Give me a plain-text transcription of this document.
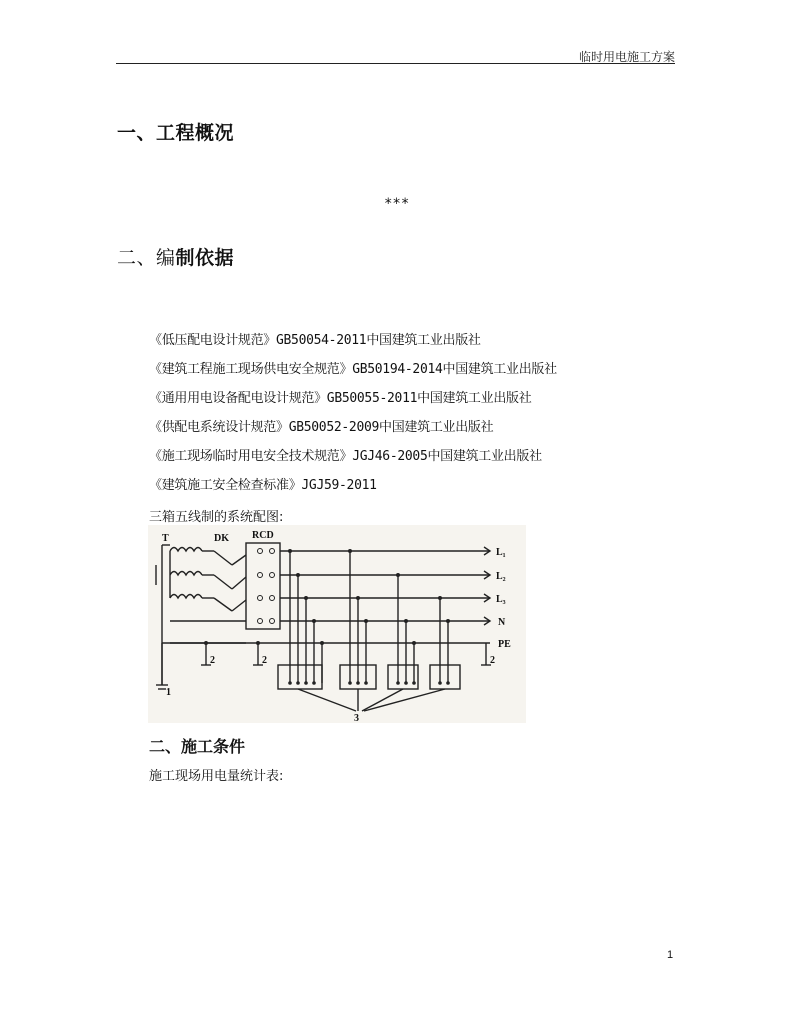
临时用电施工方案
一、工程概况
***
二、编制依据
《低压配电设计规范》GB50054-2011中国建筑工业出版社
《建筑工程施工现场供电安全规范》GB50194-2014中国建筑工业出版社
《通用用电设备配电设计规范》GB50055-2011中国建筑工业出版社
《供配电系统设计规范》GB50052-2009中国建筑工业出版社
《施工现场临时用电安全技术规范》JGJ46-2005中国建筑工业出版社
《建筑施工安全检查标准》JGJ59-2011
三箱五线制的系统配图:
T	DK RCD
L₁
L₂
L₃
N
PE
1
2	2	2
3
二、施工条件
施工现场用电量统计表:
1
